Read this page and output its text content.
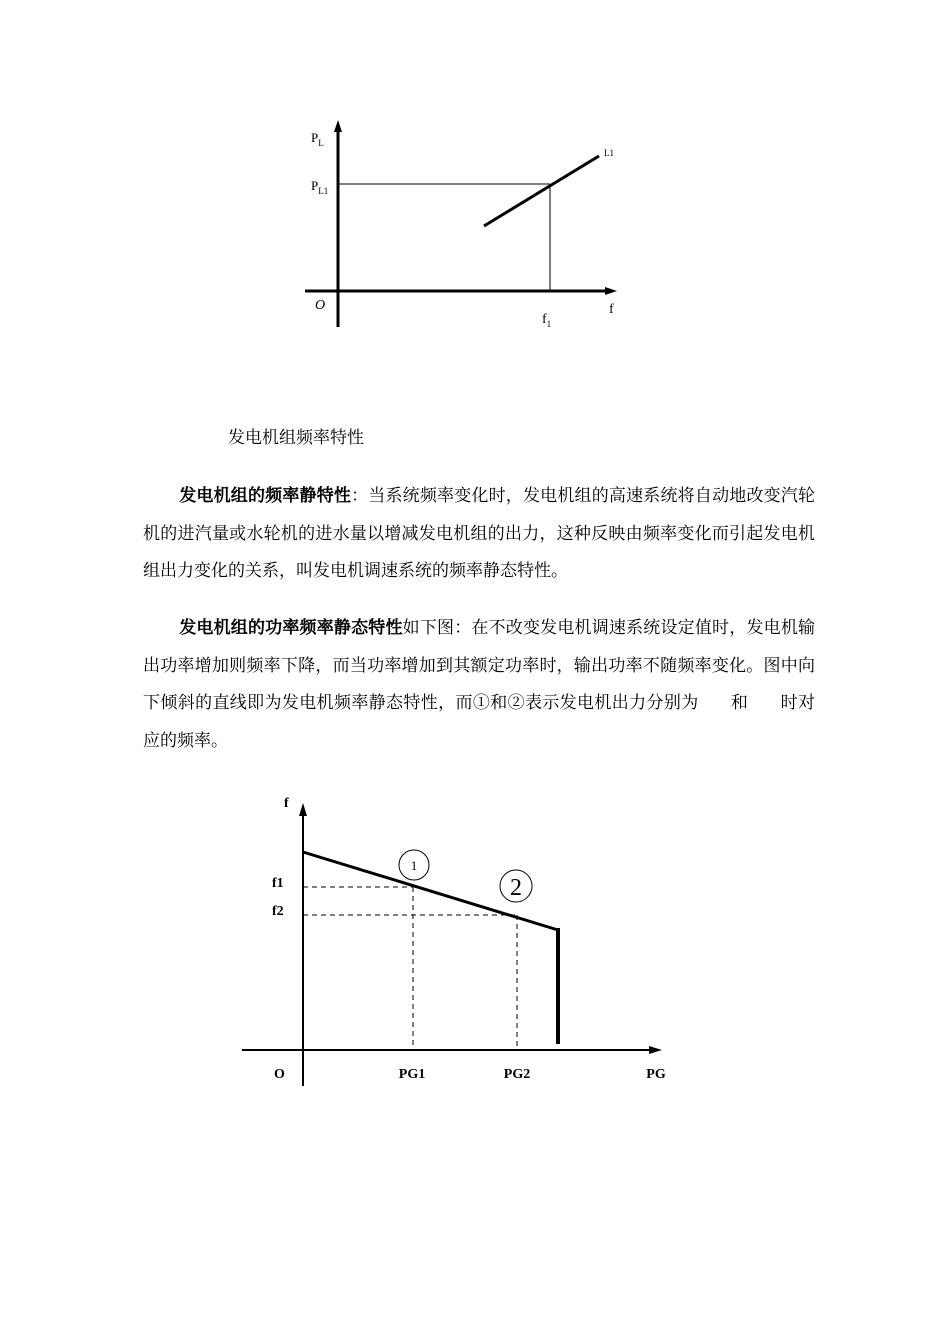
$P_L$
$P_{L1}$
L1
O	f
$f_1$
发电机组频率特性
发电机组的频率静特性：当系统频率变化时，发电机组的高速系统将自动地改变汽轮机的进汽量或水轮机的进水量以增减发电机组的出力，这种反映由频率变化而引起发电机组出力变化的关系，叫发电机调速系统的频率静态特性。
发电机组的功率频率静态特性如下图：在不改变发电机调速系统设定值时，发电机输出功率增加则频率下降，而当功率增加到其额定功率时，输出功率不随频率变化。图中向下倾斜的直线即为发电机频率静态特性，而①和②表示发电机出力分别为 和 时对应的频率。
1
2
f
f1
f2
O	PG1	PG2	PG
